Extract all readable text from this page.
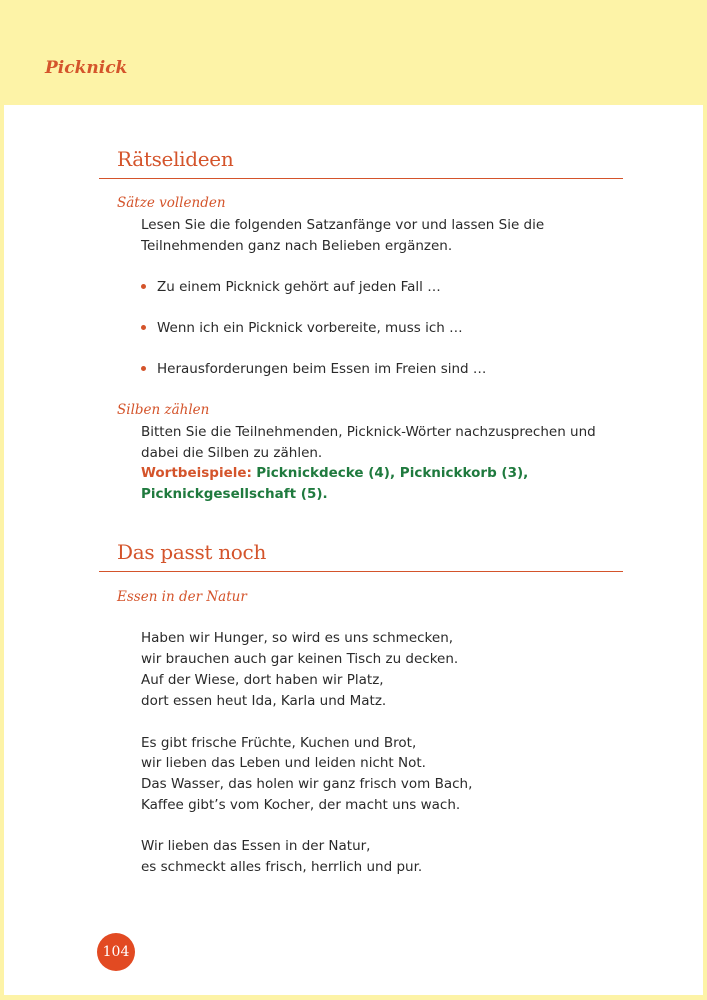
Picknick
Rätselideen
Sätze vollenden

Lesen Sie die folgenden Satzanfänge vor und lassen Sie die Teilnehmenden ganz nach Belieben ergänzen.

Zu einem Picknick gehört auf jeden Fall …

Wenn ich ein Picknick vorbereite, muss ich …

Herausforderungen beim Essen im Freien sind …

Silben zählen

Bitten Sie die Teilnehmenden, Picknick-Wörter nachzusprechen und dabei die Silben zu zählen.
Wortbeispiele: Picknickdecke (4), Picknickkorb (3), Picknickgesellschaft (5).

Das passt noch
Essen in der Natur

Haben wir Hunger, so wird es uns schmecken,

wir brauchen auch gar keinen Tisch zu decken.

Auf der Wiese, dort haben wir Platz,

dort essen heut Ida, Karla und Matz.

Es gibt frische Früchte, Kuchen und Brot,

wir lieben das Leben und leiden nicht Not.

Das Wasser, das holen wir ganz frisch vom Bach,

Kaffee gibt’s vom Kocher, der macht uns wach.

Wir lieben das Essen in der Natur,

es schmeckt alles frisch, herrlich und pur.

104
